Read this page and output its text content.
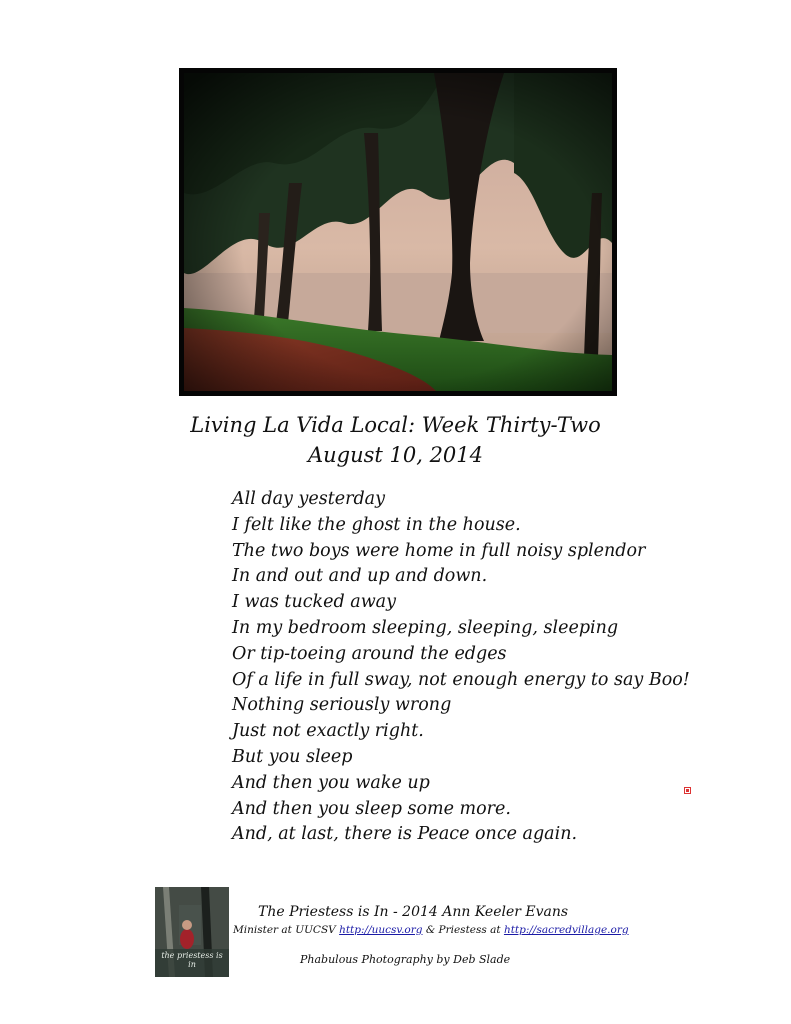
Living La Vida Local: Week Thirty-Two
August 10, 2014
All day yesterday
I felt like the ghost in the house.
The two boys were home in full noisy splendor
In and out and up and down.
I was tucked away
In my bedroom sleeping, sleeping, sleeping
Or tip-toeing around the edges
Of a life in full sway, not enough energy to say Boo!
Nothing seriously wrong
Just not exactly right.
But you sleep
And then you wake up
And then you sleep some more.
And, at last, there is Peace once again.
the priestess is in
The Priestess is In - 2014 Ann Keeler Evans
Minister at UUCSV http://uucsv.org & Priestess at http://sacredvillage.org
Phabulous Photography by Deb Slade
